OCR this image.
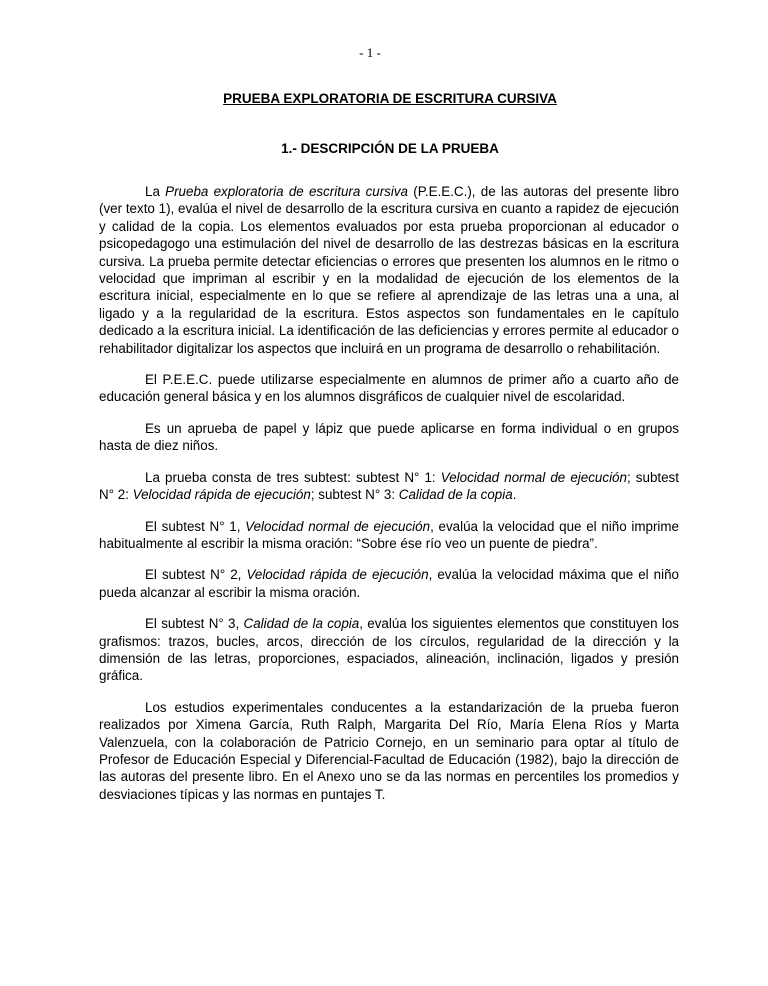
- 1 -
PRUEBA EXPLORATORIA DE ESCRITURA CURSIVA
1.- DESCRIPCIÓN DE LA PRUEBA

La Prueba exploratoria de escritura cursiva (P.E.E.C.), de las autoras del presente libro (ver texto 1), evalúa el nivel de desarrollo de la escritura cursiva en cuanto a rapidez de ejecución y calidad de la copia. Los elementos evaluados por esta prueba proporcionan al educador o psicopedagogo una estimulación del nivel de desarrollo de las destrezas básicas en la escritura cursiva. La prueba permite detectar eficiencias o errores que presenten los alumnos en le ritmo o velocidad que impriman al escribir y en la modalidad de ejecución de los elementos de la escritura inicial, especialmente en lo que se refiere al aprendizaje de las letras una a una, al ligado y a la regularidad de la escritura. Estos aspectos son fundamentales en le capítulo dedicado a la escritura inicial. La identificación de las deficiencias y errores permite al educador o rehabilitador digitalizar los aspectos que incluirá en un programa de desarrollo o rehabilitación.

El P.E.E.C. puede utilizarse especialmente en alumnos de primer año a cuarto año de educación general básica y en los alumnos disgráficos de cualquier nivel de escolaridad.

Es un aprueba de papel y lápiz que puede aplicarse en forma individual o en grupos hasta de diez niños.

La prueba consta de tres subtest: subtest N° 1: Velocidad normal de ejecución; subtest N° 2: Velocidad rápida de ejecución; subtest N° 3: Calidad de la copia.

El subtest N° 1, Velocidad normal de ejecución, evalúa la velocidad que el niño imprime habitualmente al escribir la misma oración: “Sobre ése río veo un puente de piedra”.

El subtest N° 2, Velocidad rápida de ejecución, evalúa la velocidad máxima que el niño pueda alcanzar al escribir la misma oración.

El subtest N° 3, Calidad de la copia, evalúa los siguientes elementos que constituyen los grafismos: trazos, bucles, arcos, dirección de los círculos, regularidad de la dirección y la dimensión de las letras, proporciones, espaciados, alineación, inclinación, ligados y presión gráfica.

Los estudios experimentales conducentes a la estandarización de la prueba fueron realizados por Ximena García, Ruth Ralph, Margarita Del Río, María Elena Ríos y Marta Valenzuela, con la colaboración de Patricio Cornejo, en un seminario para optar al título de Profesor de Educación Especial y Diferencial-Facultad de Educación (1982), bajo la dirección de las autoras del presente libro. En el Anexo uno se da las normas en percentiles los promedios y desviaciones típicas y las normas en puntajes T.
